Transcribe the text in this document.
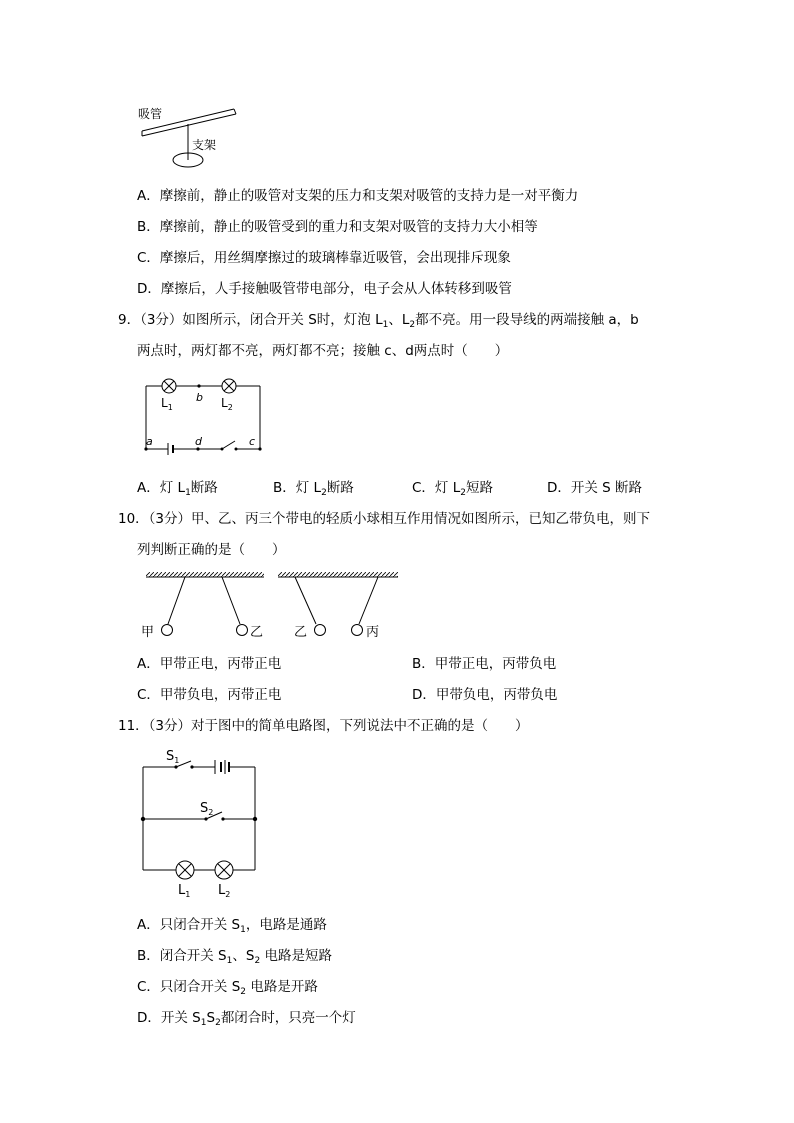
吸管
支架
A．摩擦前，静止的吸管对支架的压力和支架对吸管的支持力是一对平衡力
B．摩擦前，静止的吸管受到的重力和支架对吸管的支持力大小相等
C．摩擦后，用丝绸摩擦过的玻璃棒靠近吸管，会出现排斥现象
D．摩擦后，人手接触吸管带电部分，电子会从人体转移到吸管
9．（3分）如图所示，闭合开关 S时，灯泡 $L_1$、$L_2$都不亮。用一段导线的两端接触 a，b
两点时，两灯都不亮，两灯都不亮；接触 c、d两点时（　　）
$L_1$	$L_2$
b
a	d	c
A．灯 $L_1$断路	B．灯 $L_2$断路	C．灯 $L_2$短路	D．开关 S 断路
10．（3分）甲、乙、丙三个带电的轻质小球相互作用情况如图所示，已知乙带负电，则下
列判断正确的是（　　）
甲	乙 乙	丙
A．甲带正电，丙带正电	B．甲带正电，丙带负电
C．甲带负电，丙带正电	D．甲带负电，丙带负电
11．（3分）对于图中的简单电路图，下列说法中不正确的是（　　）
$S_1$
$S_2$
$L_1$ $L_2$
A．只闭合开关 $S_1$，电路是通路
B．闭合开关 $S_1$、$S_2$ 电路是短路
C．只闭合开关 $S_2$ 电路是开路
D．开关 $S_1S_2$都闭合时，只亮一个灯
